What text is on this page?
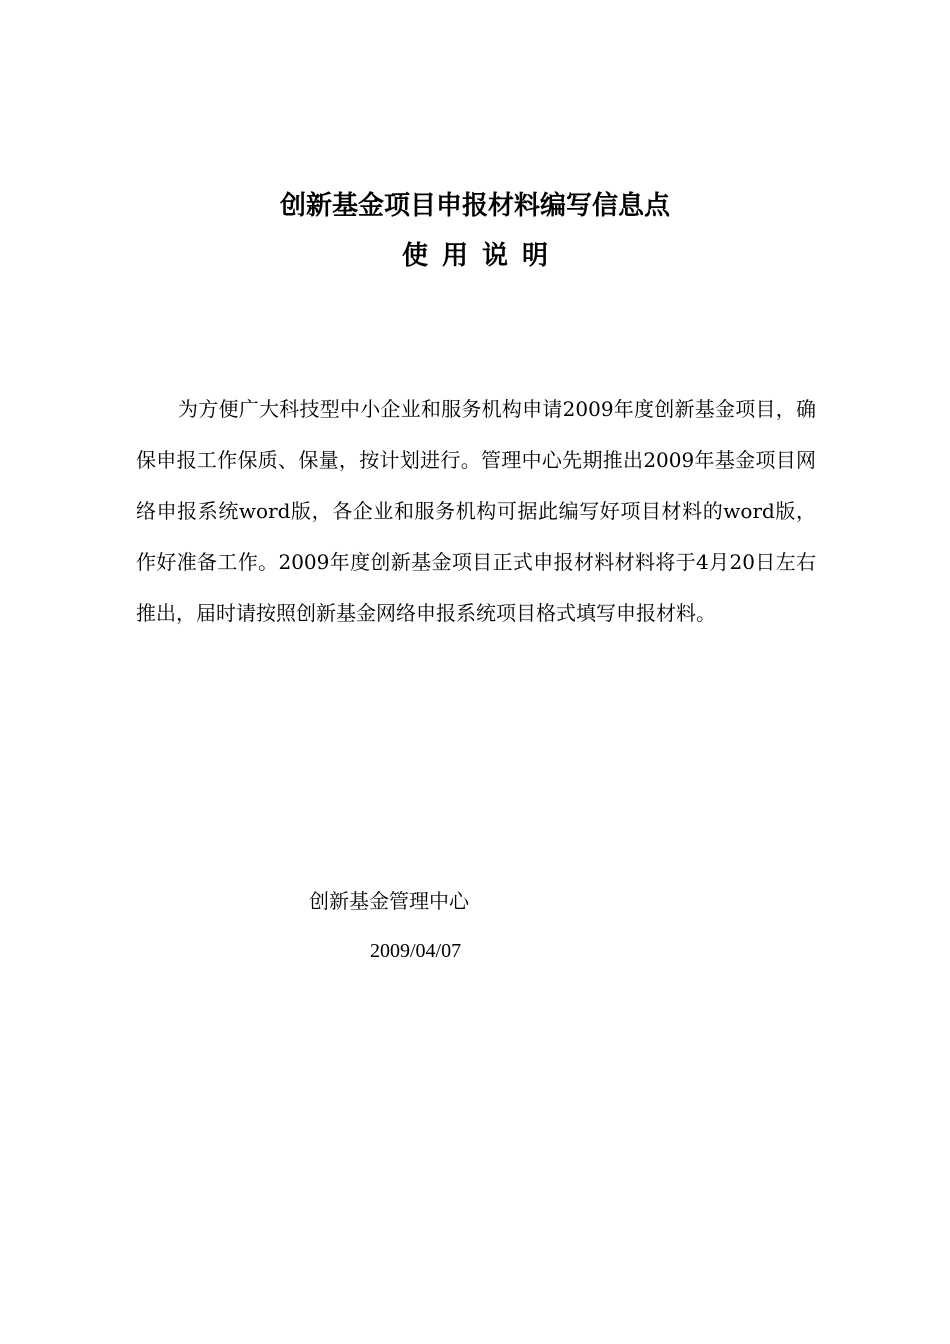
创新基金项目申报材料编写信息点
使用说明

为方便广大科技型中小企业和服务机构申请2009年度创新基金项目，确保申报工作保质、保量，按计划进行。管理中心先期推出2009年基金项目网络申报系统word版，各企业和服务机构可据此编写好项目材料的word版，作好准备工作。2009年度创新基金项目正式申报材料材料将于4月20日左右推出，届时请按照创新基金网络申报系统项目格式填写申报材料。

创新基金管理中心
2009/04/07
